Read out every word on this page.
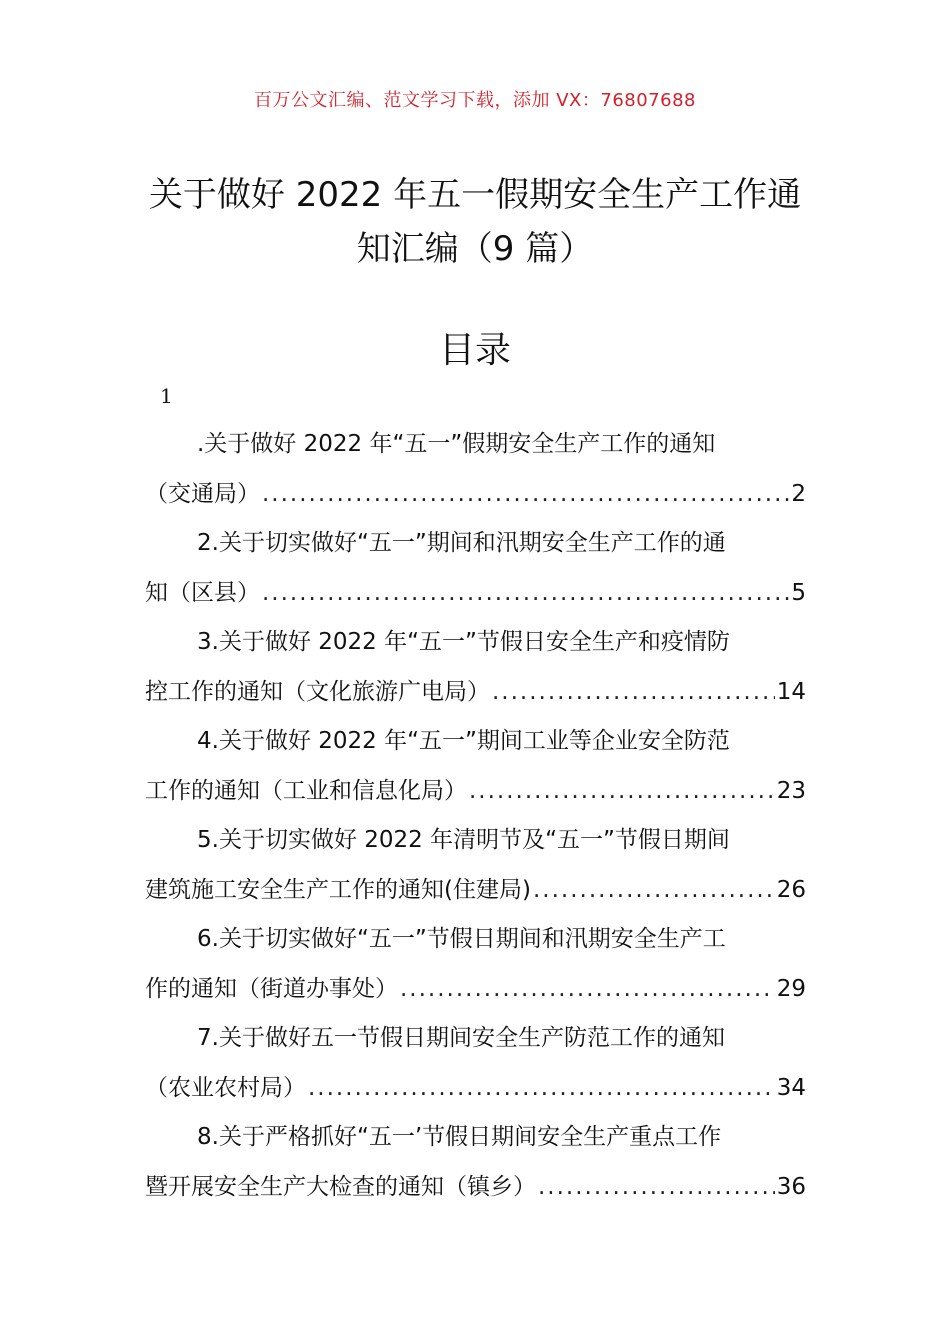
百万公文汇编、范文学习下载，添加 VX：76807688
关于做好 2022 年五一假期安全生产工作通
知汇编（9 篇）
目录
1
.关于做好 2022 年“五一”假期安全生产工作的通知
（交通局） .....	2
2.关于切实做好“五一”期间和汛期安全生产工作的通
知（区县） .....	5
3.关于做好 2022 年“五一”节假日安全生产和疫情防
控工作的通知（文化旅游广电局） .....	14
4.关于做好 2022 年“五一”期间工业等企业安全防范
工作的通知（工业和信息化局） .....	23
5.关于切实做好 2022 年清明节及“五一”节假日期间
建筑施工安全生产工作的通知(住建局) .....	26
6.关于切实做好“五一”节假日期间和汛期安全生产工
作的通知（街道办事处） .....	29
7.关于做好五一节假日期间安全生产防范工作的通知
（农业农村局） .....	34
8.关于严格抓好“五一’节假日期间安全生产重点工作
暨开展安全生产大检查的通知（镇乡） .....	36
